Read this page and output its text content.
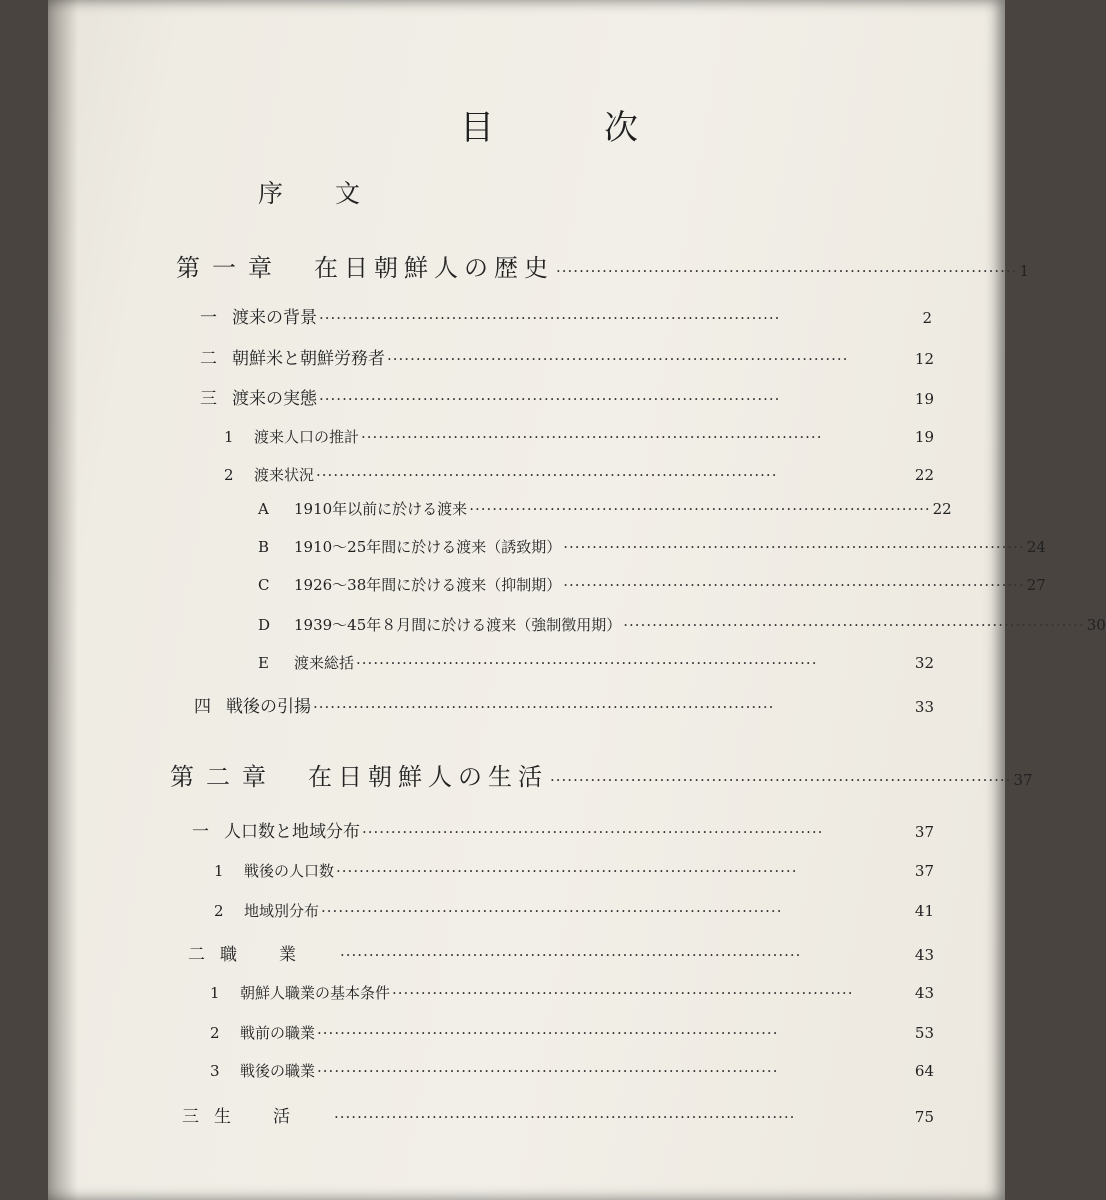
目次
序文
第一章	在日朝鮮人の歴史 ················································································ 1
一 渡来の背景 ················································································	2
二 朝鮮米と朝鮮労務者 ················································································	12
三 渡来の実態 ················································································	19
1	渡来人口の推計 ················································································	19
2	渡来状況 ················································································	22
A	1910年以前に於ける渡来 ················································································ 22
B	1910～25年間に於ける渡来（誘致期） ················································································ 24
C	1926～38年間に於ける渡来（抑制期） ················································································ 27
D	1939～45年８月間に於ける渡来（強制徴用期） ················································································ 30
E	渡来総括 ················································································	32
四 戦後の引揚 ················································································	33
第二章	在日朝鮮人の生活 ················································································ 37
一 人口数と地域分布 ················································································	37
1	戦後の人口数 ················································································	37
2	地域別分布 ················································································	41
二 職業 ················································································	43
1	朝鮮人職業の基本条件 ················································································	43
2	戦前の職業 ················································································	53
3	戦後の職業 ················································································	64
三 生活 ················································································	75
